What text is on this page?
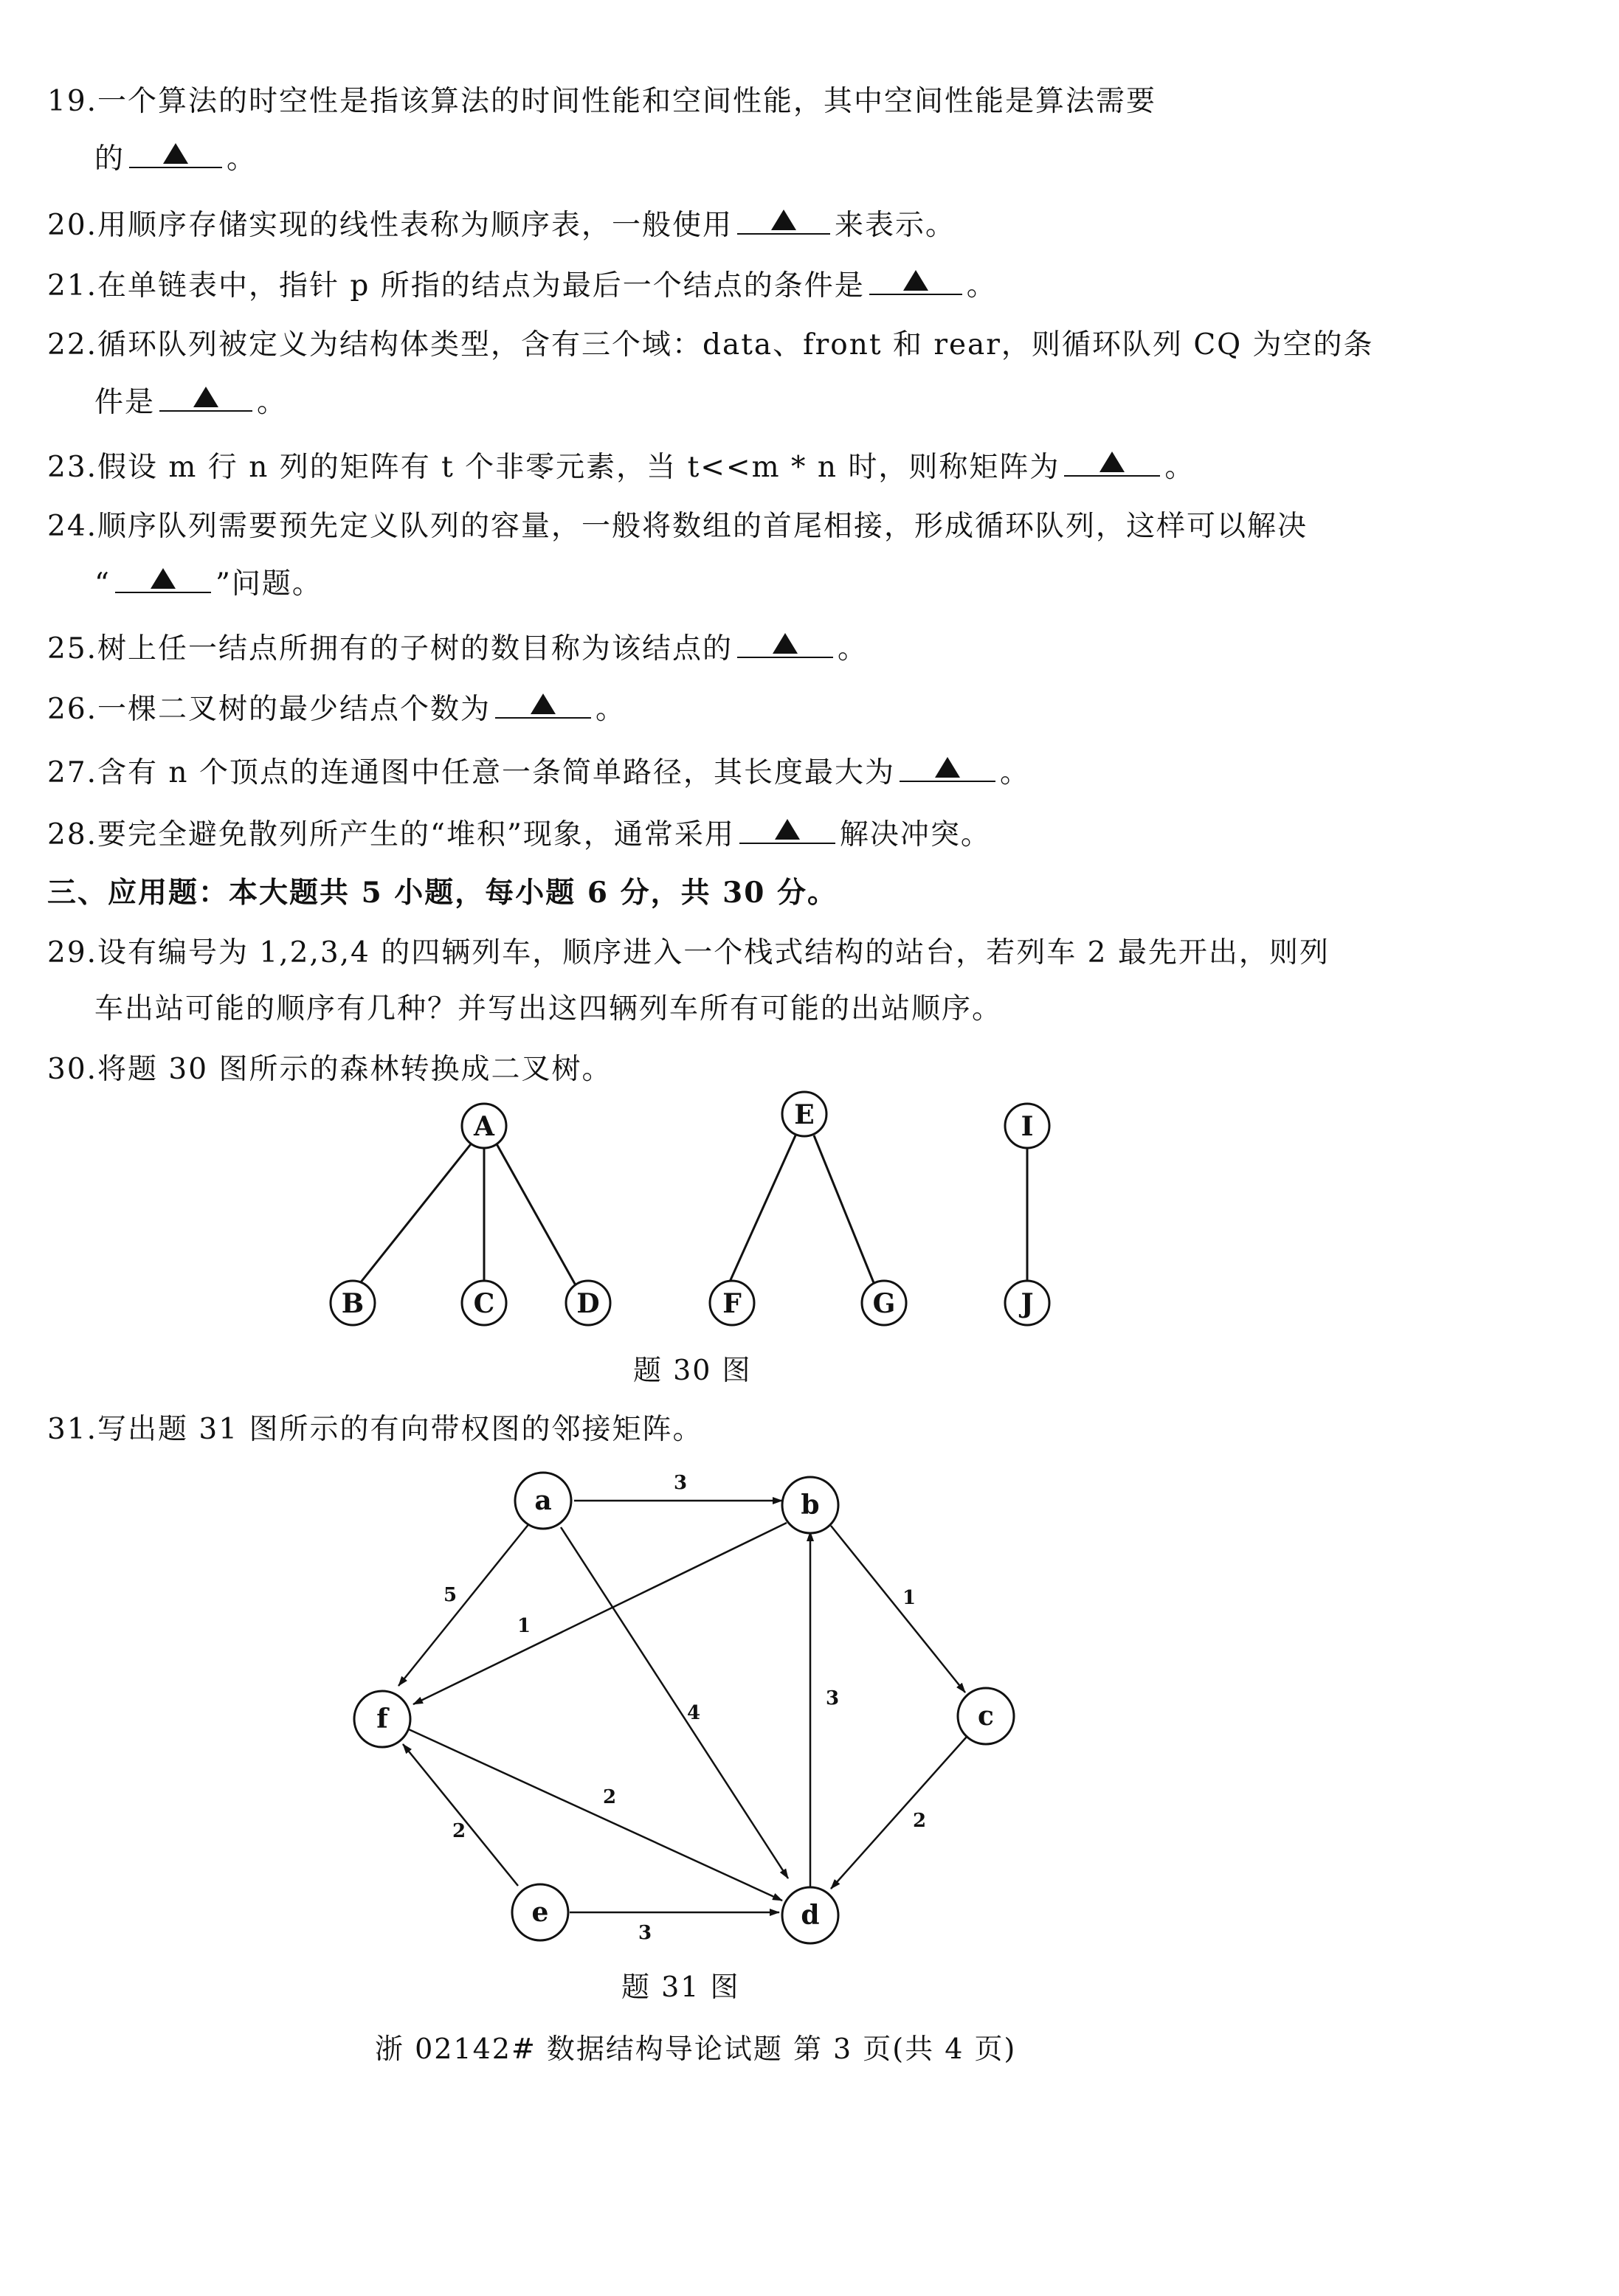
19.一个算法的时空性是指该算法的时间性能和空间性能，其中空间性能是算法需要
的	。
20.用顺序存储实现的线性表称为顺序表，一般使用	来表示。
21.在单链表中，指针 p 所指的结点为最后一个结点的条件是	。
22.循环队列被定义为结构体类型，含有三个域：data、front 和 rear，则循环队列 CQ 为空的条
件是	。
23.假设 m 行 n 列的矩阵有 t 个非零元素，当 t<<m * n 时，则称矩阵为	。
24.顺序队列需要预先定义队列的容量，一般将数组的首尾相接，形成循环队列，这样可以解决
“	”问题。
25.树上任一结点所拥有的子树的数目称为该结点的	。
26.一棵二叉树的最少结点个数为	。
27.含有 n 个顶点的连通图中任意一条简单路径，其长度最大为	。
28.要完全避免散列所产生的“堆积”现象，通常采用	解决冲突。
三、应用题：本大题共 5 小题，每小题 6 分，共 30 分。
29.设有编号为 1,2,3,4 的四辆列车，顺序进入一个栈式结构的站台，若列车 2 最先开出，则列
车出站可能的顺序有几种？并写出这四辆列车所有可能的出站顺序。
30.将题 30 图所示的森林转换成二叉树。
A
B	C	D
E
F	G
I
J
题 30 图
31.写出题 31 图所示的有向带权图的邻接矩阵。
a	b
c
d
e
f
3
5
4
1
1
3
2
2
2
3
题 31 图
浙 02142# 数据结构导论试题 第 3 页(共 4 页)
